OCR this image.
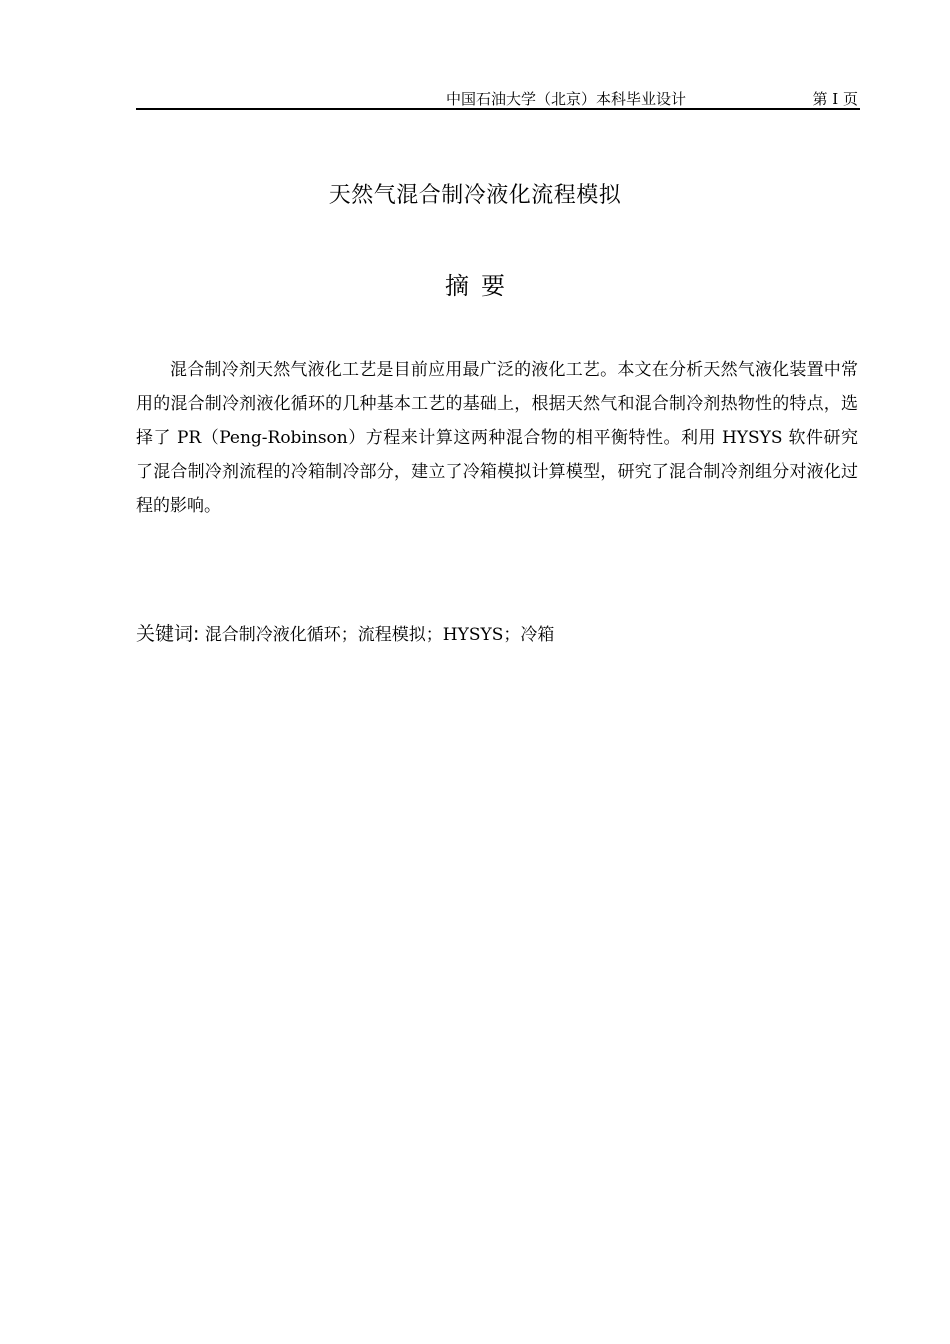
中国石油大学（北京）本科毕业设计	第 I 页
天然气混合制冷液化流程模拟
摘要

混合制冷剂天然气液化工艺是目前应用最广泛的液化工艺。本文在分析天然气液化装置中常用的混合制冷剂液化循环的几种基本工艺的基础上，根据天然气和混合制冷剂热物性的特点，选择了 PR（Peng-Robinson）方程来计算这两种混合物的相平衡特性。利用 HYSYS 软件研究了混合制冷剂流程的冷箱制冷部分，建立了冷箱模拟计算模型，研究了混合制冷剂组分对液化过程的影响。

关键词: 混合制冷液化循环；流程模拟；HYSYS；冷箱
